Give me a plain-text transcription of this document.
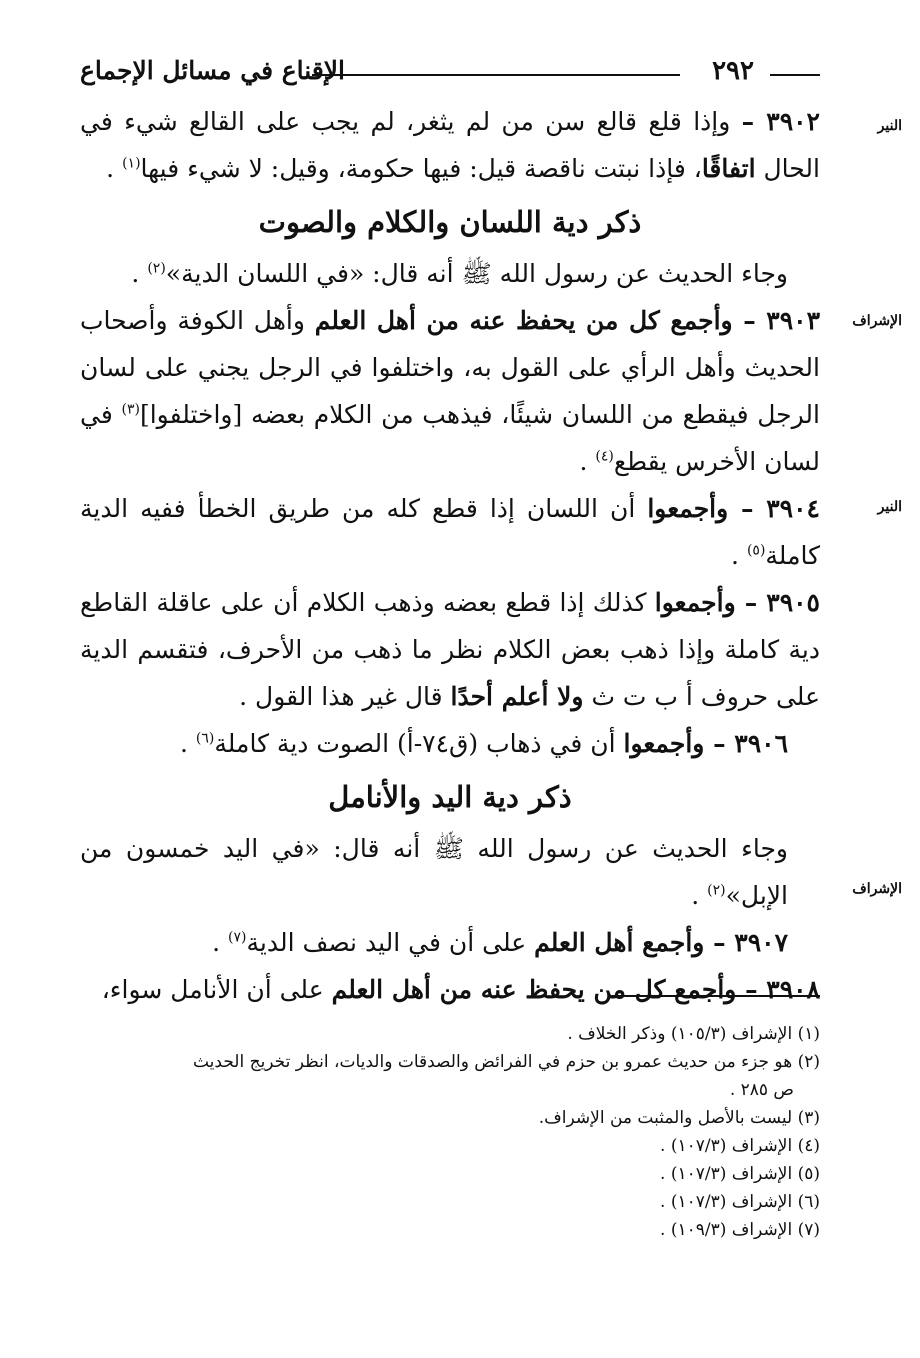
٢٩٢
الإقناع في مسائل الإجماع
النير
الإشراف
النير
الإشراف

٣٩٠٢ – وإذا قلع قالع سن من لم يثغر، لم يجب على القالع شيء في الحال اتفاقًا، فإذا نبتت ناقصة قيل: فيها حكومة، وقيل: لا شيء فيها$^{(١)}$ .

ذكر دية اللسان والكلام والصوت

وجاء الحديث عن رسول الله ﷺ أنه قال: «في اللسان الدية»$^{(٢)}$ .

٣٩٠٣ – وأجمع كل من يحفظ عنه من أهل العلم وأهل الكوفة وأصحاب الحديث وأهل الرأي على القول به، واختلفوا في الرجل يجني على لسان الرجل فيقطع من اللسان شيئًا، فيذهب من الكلام بعضه [واختلفوا]$^{(٣)}$ في لسان الأخرس يقطع$^{(٤)}$ .

٣٩٠٤ – وأجمعوا أن اللسان إذا قطع كله من طريق الخطأ ففيه الدية كاملة$^{(٥)}$ .

٣٩٠٥ – وأجمعوا كذلك إذا قطع بعضه وذهب الكلام أن على عاقلة القاطع دية كاملة وإذا ذهب بعض الكلام نظر ما ذهب من الأحرف، فتقسم الدية على حروف أ ب ت ث ولا أعلم أحدًا قال غير هذا القول .

٣٩٠٦ – وأجمعوا أن في ذهاب (ق٧٤-أ) الصوت دية كاملة$^{(٦)}$ .

ذكر دية اليد والأنامل

وجاء الحديث عن رسول الله ﷺ أنه قال: «في اليد خمسون من الإبل»$^{(٢)}$ .

٣٩٠٧ – وأجمع أهل العلم على أن في اليد نصف الدية$^{(٧)}$ .

٣٩٠٨ – وأجمع كل من يحفظ عنه من أهل العلم على أن الأنامل سواء،

(١) الإشراف (١٠٥/٣) وذكر الخلاف .
(٢) هو جزء من حديث عمرو بن حزم في الفرائض والصدقات والديات، انظر تخريج الحديث
ص ٢٨٥ .
(٣) ليست بالأصل والمثبت من الإشراف.
(٤) الإشراف (١٠٧/٣) .
(٥) الإشراف (١٠٧/٣) .
(٦) الإشراف (١٠٧/٣) .
(٧) الإشراف (١٠٩/٣) .
